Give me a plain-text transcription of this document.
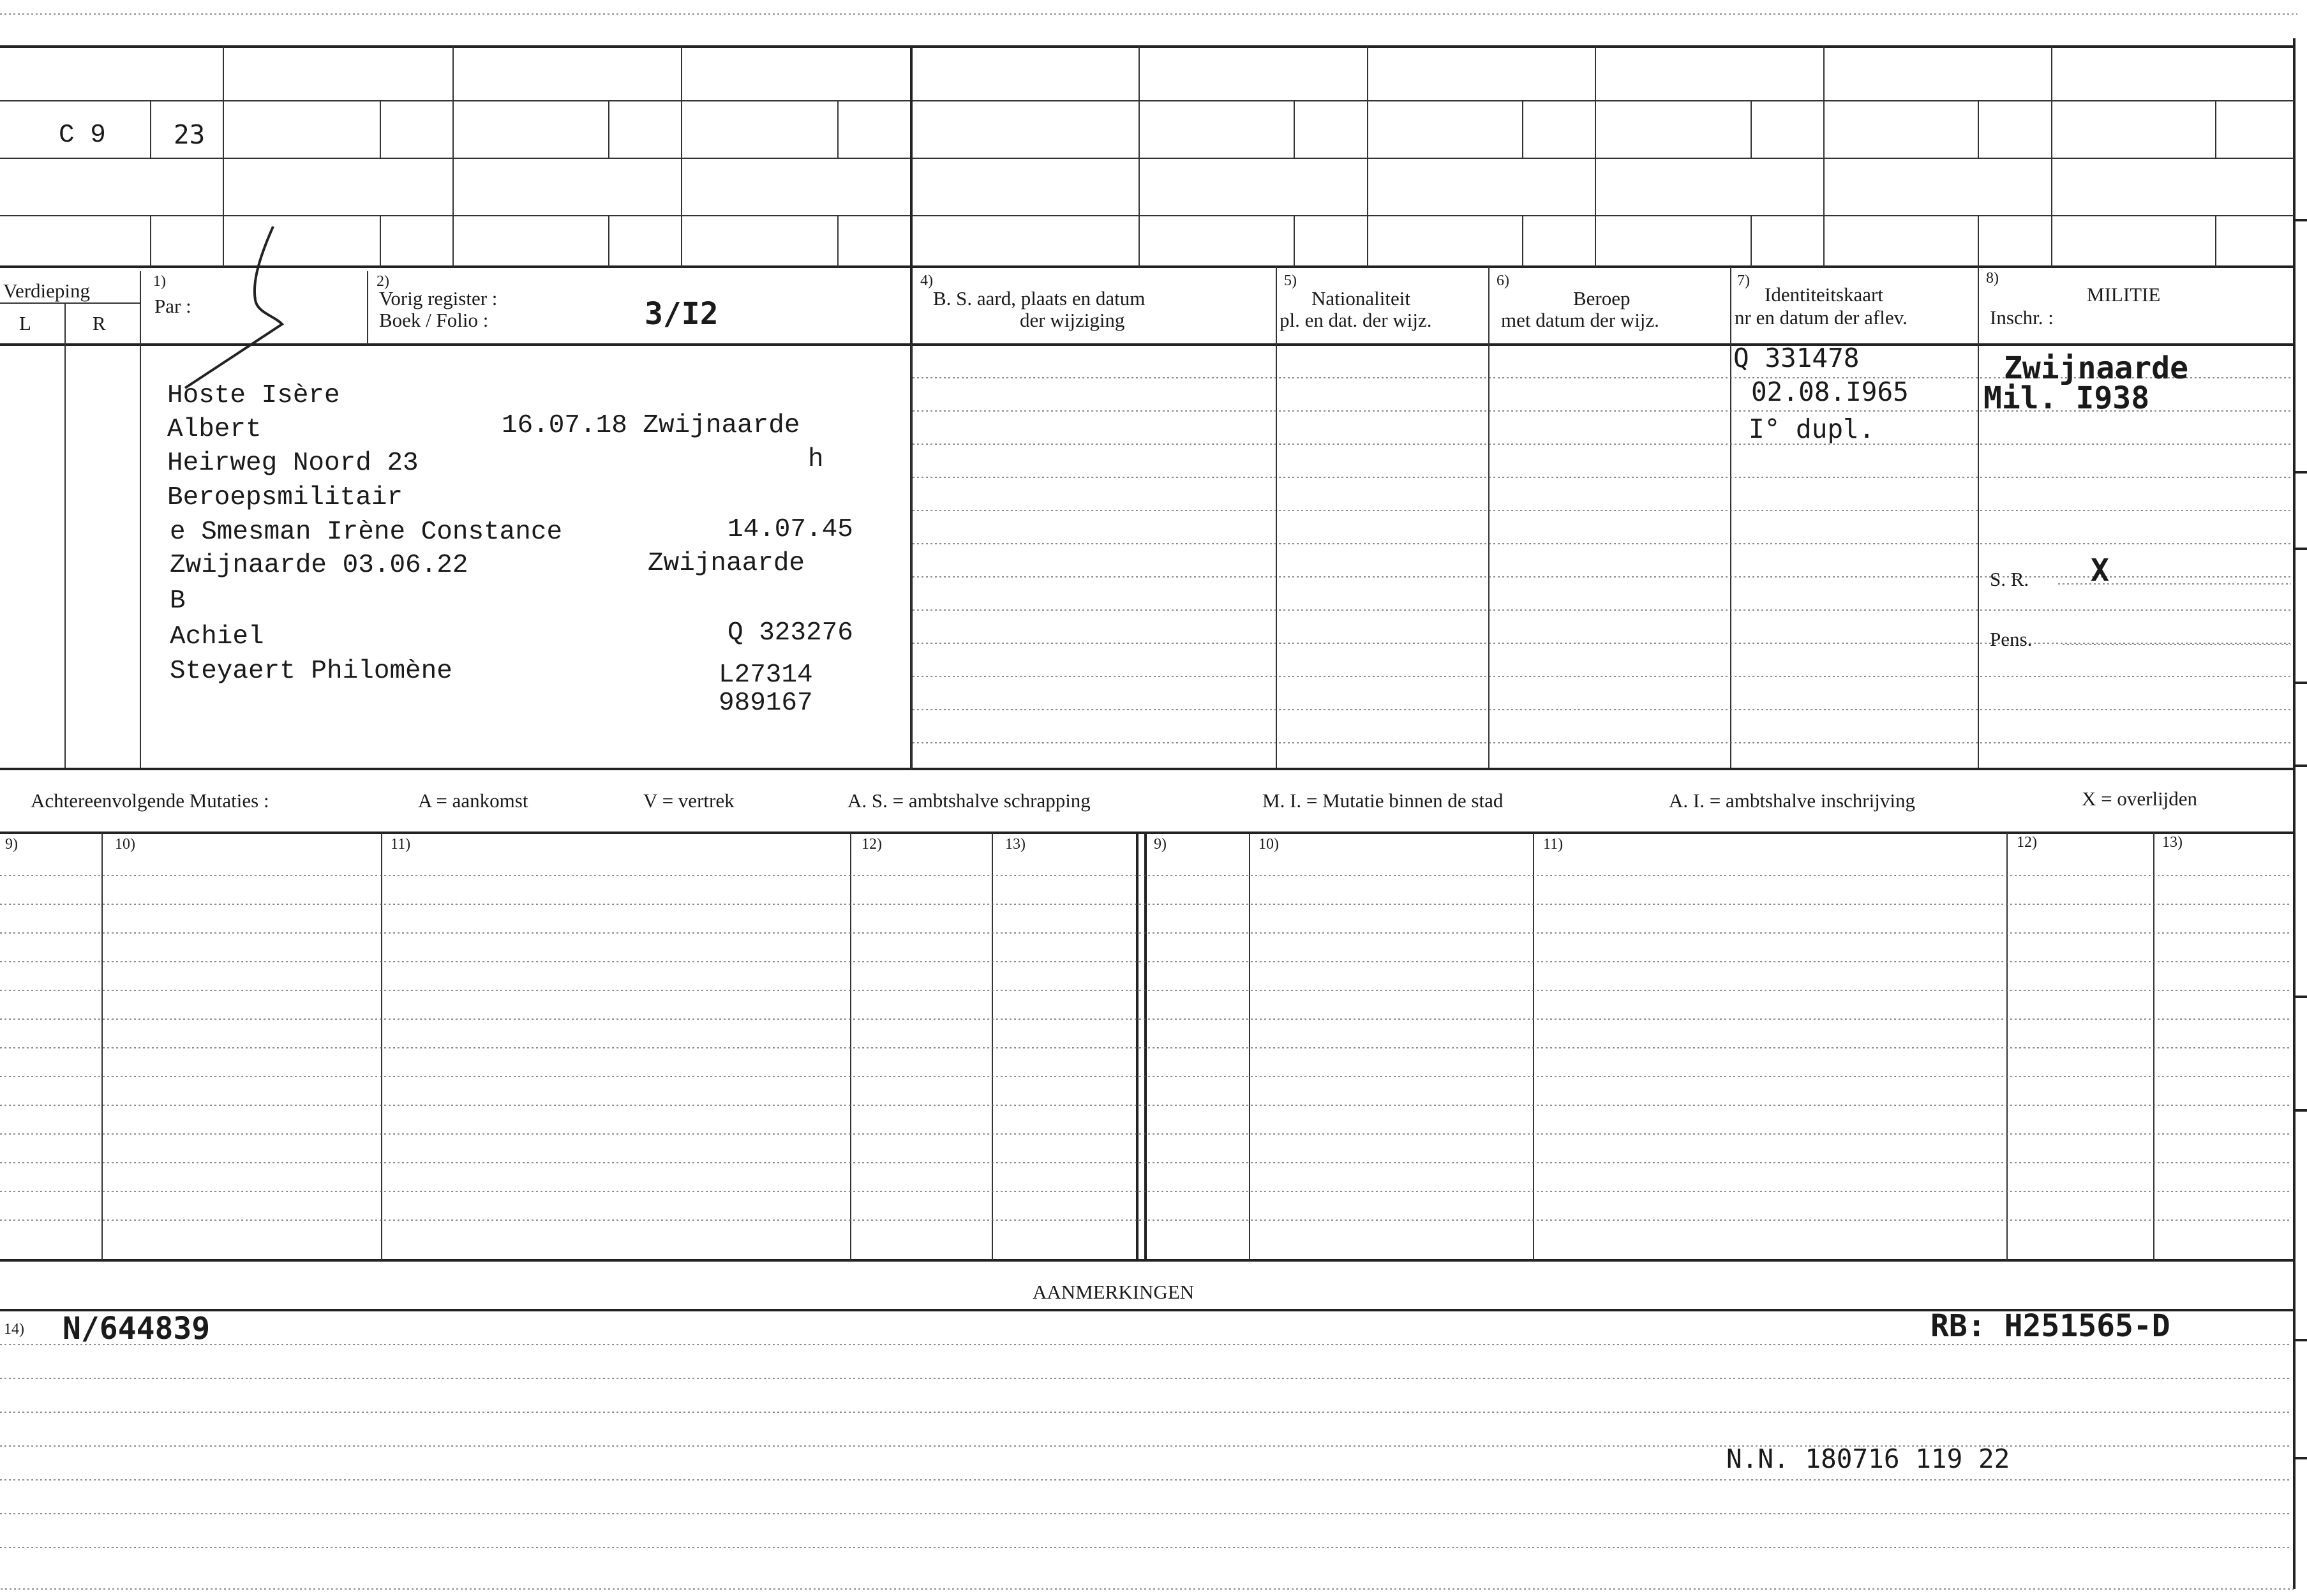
C 9	23
Verdieping
L	R
1)
Par :
2)
Vorig register :
Boek / Folio :	3/I2
4)
B. S. aard, plaats en datum
der wijziging
5)
Nationaliteit
pl. en dat. der wijz.
6)
Beroep
met datum der wijz.
7)
Identiteitskaart
nr en datum der aflev.
8)
MILITIE
Inschr. :
Hoste Isère
Albert	16.07.18 Zwijnaarde
Heirweg Noord 23	h
Beroepsmilitair
e Smesman Irène Constance	14.07.45
Zwijnaarde 03.06.22	Zwijnaarde
B
Achiel	Q 323276
Steyaert Philomène	L27314
989167
Q 331478
02.08.I965
I° dupl.
Zwijnaarde
Mil. I938
S. R. X
Pens.
Achtereenvolgende Mutaties :	A = aankomst	V = vertrek	A. S. = ambtshalve schrapping	M. I. = Mutatie binnen de stad	A. I. = ambtshalve inschrijving	X = overlijden
9)	10)	11)	12)	13)	9)	10)	11)	12)	13)
AANMERKINGEN
14) N/644839	RB: H251565-D
N.N. 180716 119 22
